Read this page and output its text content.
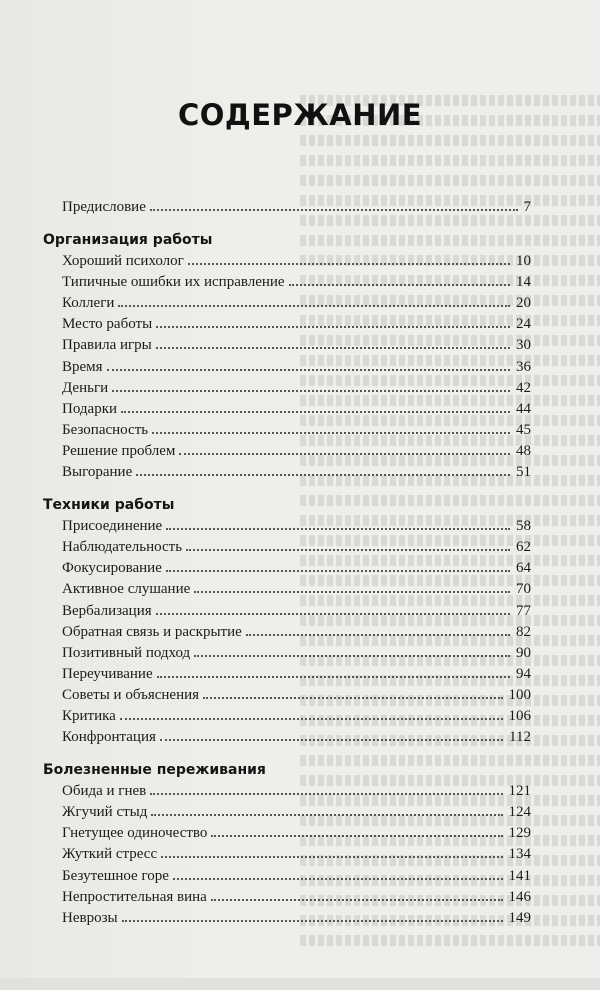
СОДЕРЖАНИЕ
Предисловие	7
Организация работы
Хороший психолог	10
Типичные ошибки их исправление	14
Коллеги	20
Место работы	24
Правила игры	30
Время	36
Деньги	42
Подарки	44
Безопасность	45
Решение проблем	48
Выгорание	51
Техники работы
Присоединение	58
Наблюдательность	62
Фокусирование	64
Активное слушание	70
Вербализация	77
Обратная связь и раскрытие	82
Позитивный подход	90
Переучивание	94
Советы и объяснения	100
Критика	106
Конфронтация	112
Болезненные переживания
Обида и гнев	121
Жгучий стыд	124
Гнетущее одиночество	129
Жуткий стресс	134
Безутешное горе	141
Непростительная вина	146
Неврозы	149
